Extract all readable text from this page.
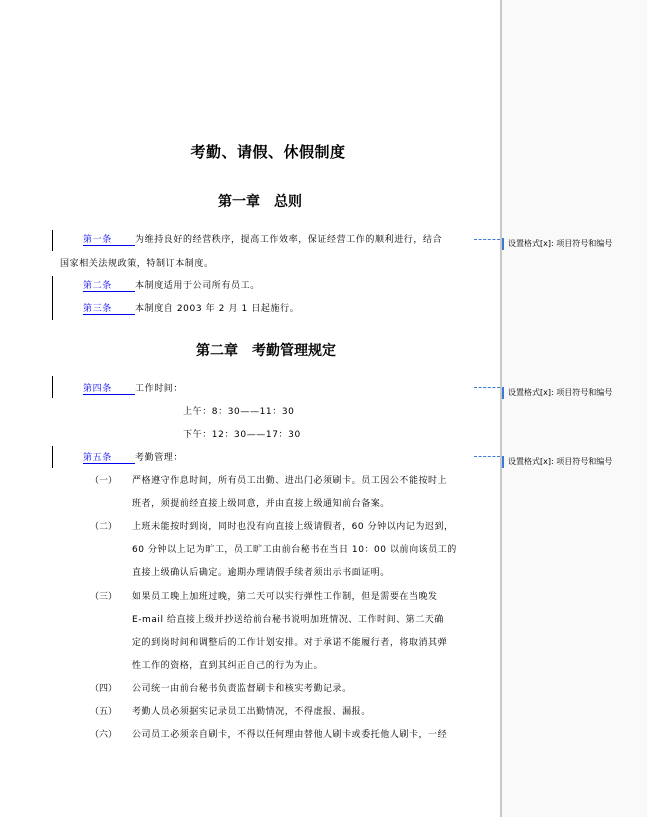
考勤、请假、休假制度
第一章 总则
第一条	为维持良好的经营秩序，提高工作效率，保证经营工作的顺利进行，结合
国家相关法规政策，特制订本制度。
第二条	本制度适用于公司所有员工。
第三条	本制度自 2003 年 2 月 1 日起施行。
第二章 考勤管理规定
第四条	工作时间：
上午：8：30——11：30
下午：12：30——17：30
第五条	考勤管理：
（一） 严格遵守作息时间，所有员工出勤、进出门必须刷卡。员工因公不能按时上
班者，须提前经直接上级同意，并由直接上级通知前台备案。
（二） 上班未能按时到岗，同时也没有向直接上级请假者，60 分钟以内记为迟到，
60 分钟以上记为旷工，员工旷工由前台秘书在当日 10：00 以前向该员工的
直接上级确认后确定。逾期办理请假手续者须出示书面证明。
（三） 如果员工晚上加班过晚，第二天可以实行弹性工作制，但是需要在当晚发
E-mail 给直接上级并抄送给前台秘书说明加班情况、工作时间、第二天确
定的到岗时间和调整后的工作计划安排。对于承诺不能履行者，将取消其弹
性工作的资格，直到其纠正自己的行为为止。
（四） 公司统一由前台秘书负责监督刷卡和核实考勤记录。
（五） 考勤人员必须据实记录员工出勤情况，不得虚报、漏报。
（六） 公司员工必须亲自刷卡，不得以任何理由替他人刷卡或委托他人刷卡，一经
设置格式[x]: 项目符号和编号
设置格式[x]: 项目符号和编号
设置格式[x]: 项目符号和编号
